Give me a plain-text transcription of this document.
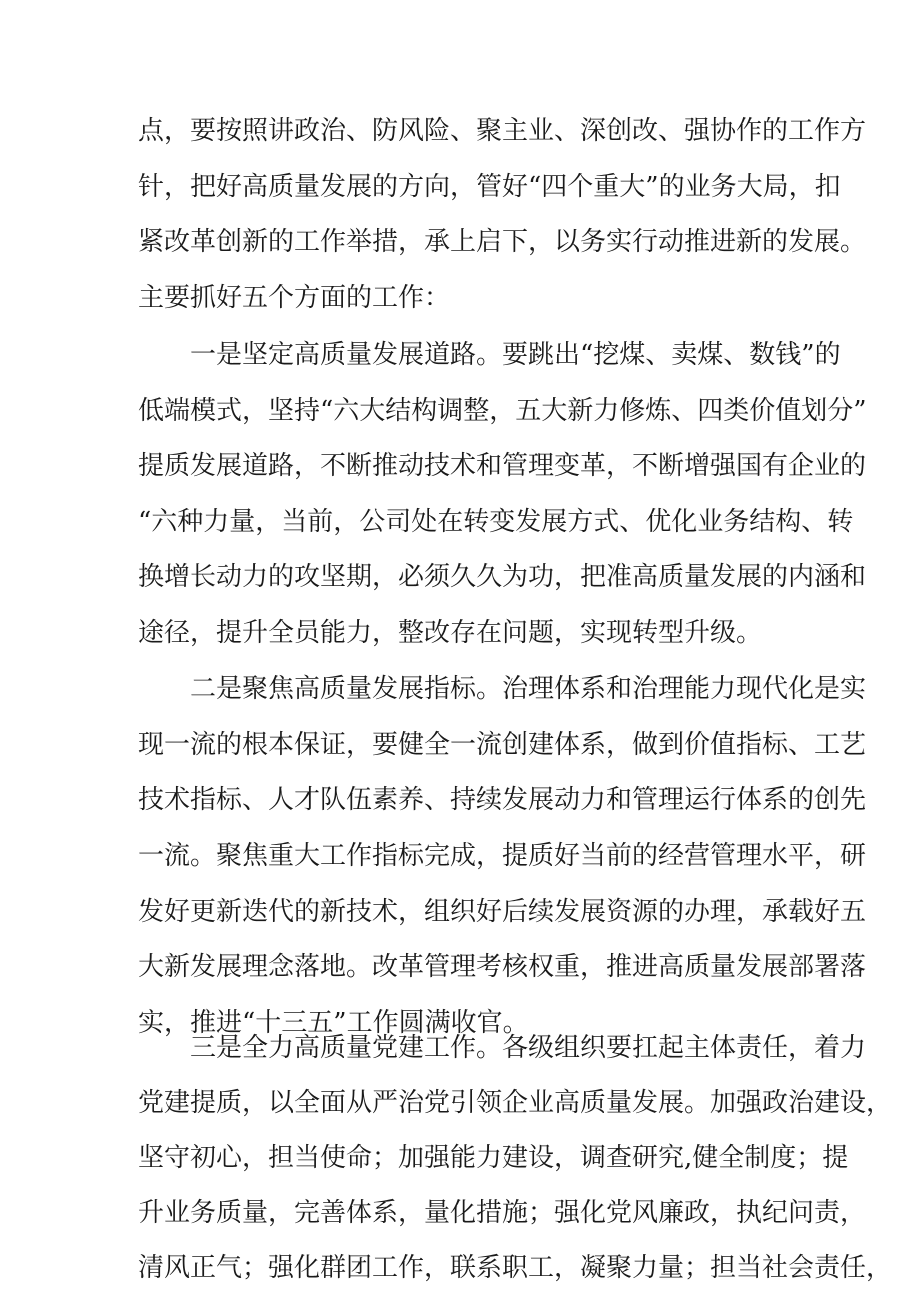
点，要按照讲政治、防风险、聚主业、深创改、强协作的工作方
针，把好高质量发展的方向，管好“四个重大”的业务大局，扣
紧改革创新的工作举措，承上启下，以务实行动推进新的发展。
主要抓好五个方面的工作：
一是坚定高质量发展道路。要跳出“挖煤、卖煤、数钱”的
低端模式，坚持“六大结构调整，五大新力修炼、四类价值划分”
提质发展道路，不断推动技术和管理变革，不断增强国有企业的
“六种力量，当前，公司处在转变发展方式、优化业务结构、转
换增长动力的攻坚期，必须久久为功，把准高质量发展的内涵和
途径，提升全员能力，整改存在问题，实现转型升级。
二是聚焦高质量发展指标。治理体系和治理能力现代化是实
现一流的根本保证，要健全一流创建体系，做到价值指标、工艺
技术指标、人才队伍素养、持续发展动力和管理运行体系的创先
一流。聚焦重大工作指标完成，提质好当前的经营管理水平，研
发好更新迭代的新技术，组织好后续发展资源的办理，承载好五
大新发展理念落地。改革管理考核权重，推进高质量发展部署落
实，推进“十三五”工作圆满收官。
三是全力高质量党建工作。各级组织要扛起主体责任，着力
党建提质，以全面从严治党引领企业高质量发展。加强政治建设，
坚守初心，担当使命；加强能力建设，调查研究,健全制度；提
升业务质量，完善体系，量化措施；强化党风廉政，执纪问责，
清风正气；强化群团工作，联系职工，凝聚力量；担当社会责任，
